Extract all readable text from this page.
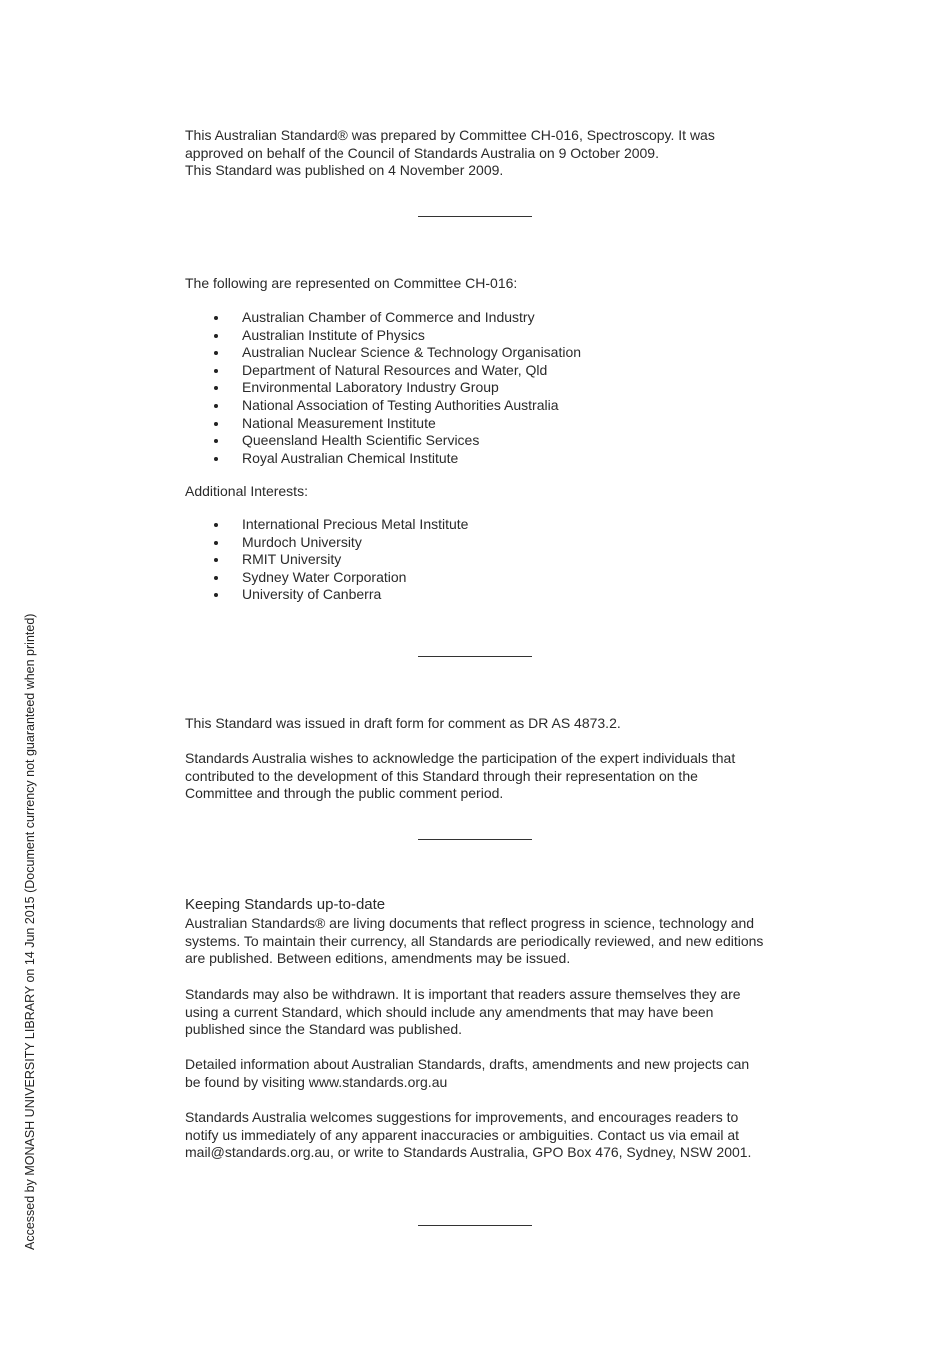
This Australian Standard® was prepared by Committee CH-016, Spectroscopy. It was
approved on behalf of the Council of Standards Australia on 9 October 2009.
This Standard was published on 4 November 2009.
The following are represented on Committee CH-016:
Australian Chamber of Commerce and Industry
Australian Institute of Physics
Australian Nuclear Science & Technology Organisation
Department of Natural Resources and Water, Qld
Environmental Laboratory Industry Group
National Association of Testing Authorities Australia
National Measurement Institute
Queensland Health Scientific Services
Royal Australian Chemical Institute
Additional Interests:
International Precious Metal Institute
Murdoch University
RMIT University
Sydney Water Corporation
University of Canberra
This Standard was issued in draft form for comment as DR AS 4873.2.
Standards Australia wishes to acknowledge the participation of the expert individuals that
contributed to the development of this Standard through their representation on the
Committee and through the public comment period.
Keeping Standards up-to-date
Australian Standards® are living documents that reflect progress in science, technology and
systems. To maintain their currency, all Standards are periodically reviewed, and new editions
are published. Between editions, amendments may be issued.
Standards may also be withdrawn. It is important that readers assure themselves they are
using a current Standard, which should include any amendments that may have been
published since the Standard was published.
Detailed information about Australian Standards, drafts, amendments and new projects can
be found by visiting www.standards.org.au
Standards Australia welcomes suggestions for improvements, and encourages readers to
notify us immediately of any apparent inaccuracies or ambiguities. Contact us via email at
mail@standards.org.au, or write to Standards Australia, GPO Box 476, Sydney, NSW 2001.
Accessed by MONASH UNIVERSITY LIBRARY on 14 Jun 2015 (Document currency not guaranteed when printed)
